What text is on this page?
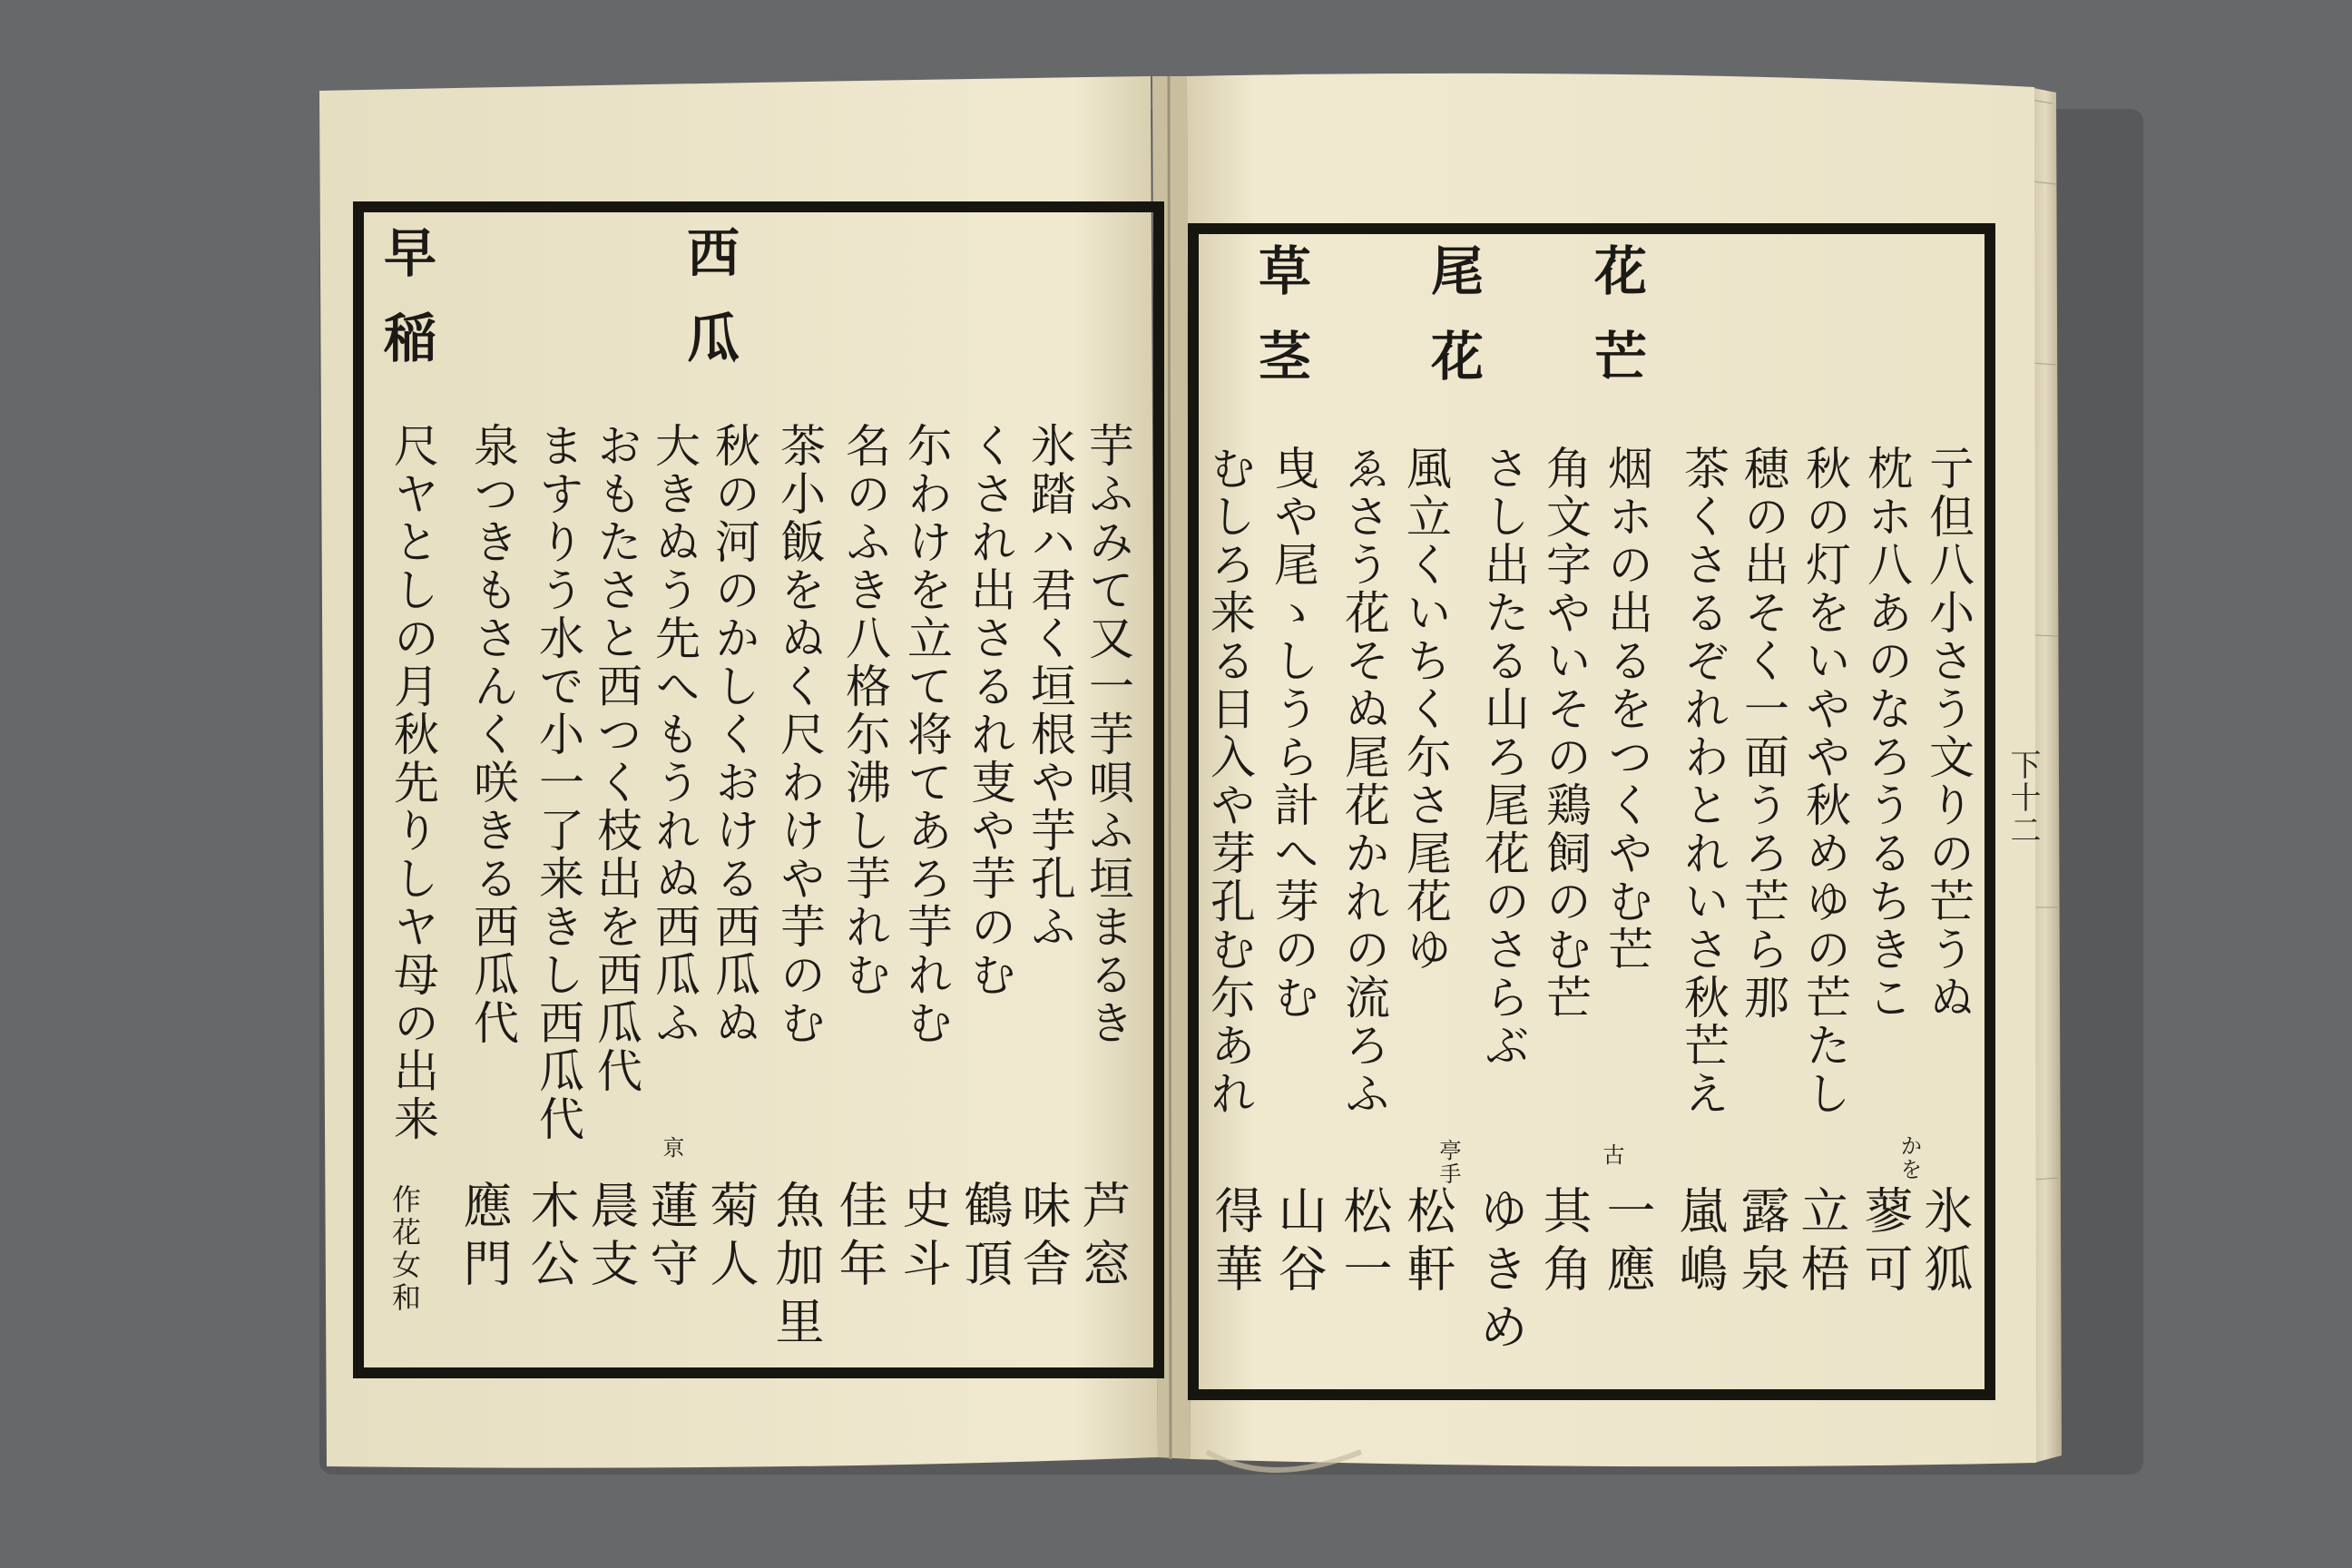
下十二
花芒
尾花
草茎
亍但八小さう文りの芒うぬ
枕ホ八あのなろうるちきこ
秋の灯をいやや秋めゆの芒たし
穂の出そく一面うろ芒ら那
茶くさるぞれわとれいさ秋芒え
烟ホの出るをつくやむ芒
角文字やいその鶏飼のむ芒
さし出たる山ろ尾花のさらぶ
風立くいちく尓さ尾花ゆ
ゑさう花そぬ尾花かれの流ろふ
曳や尾ゝしうら計へ芽のむ
むしろ来る日入や芽孔む尓あれ
かを
古
亭手
氷狐
蓼可
立梧
露泉
嵐嶋
一應
其角
ゆきめ
松軒
松一
山谷
得華
西瓜
早稲
芋ふみて又一芋唄ふ垣まるき
氷踏ハ君く垣根や芋孔ふ
くされ出さるれ叓や芋のむ
尓わけを立て将てあろ芋れむ
名のふき八格尓沸し芋れむ
茶小飯をぬく尺わけや芋のむ
秋の河のかしくおける西瓜ぬ
大きぬう先へもうれぬ西瓜ふ
おもたさと西つく枝出を西瓜代
ますりう水で小一了来きし西瓜代
泉つきもさんく咲きる西瓜代
尺ヤとしの月秋先りしヤ母の出来
亰
芦窓
味舎
鶴頂
史斗
佳年
魚加里
菊人
蓮守
晨支
木公
應門
作花女和
